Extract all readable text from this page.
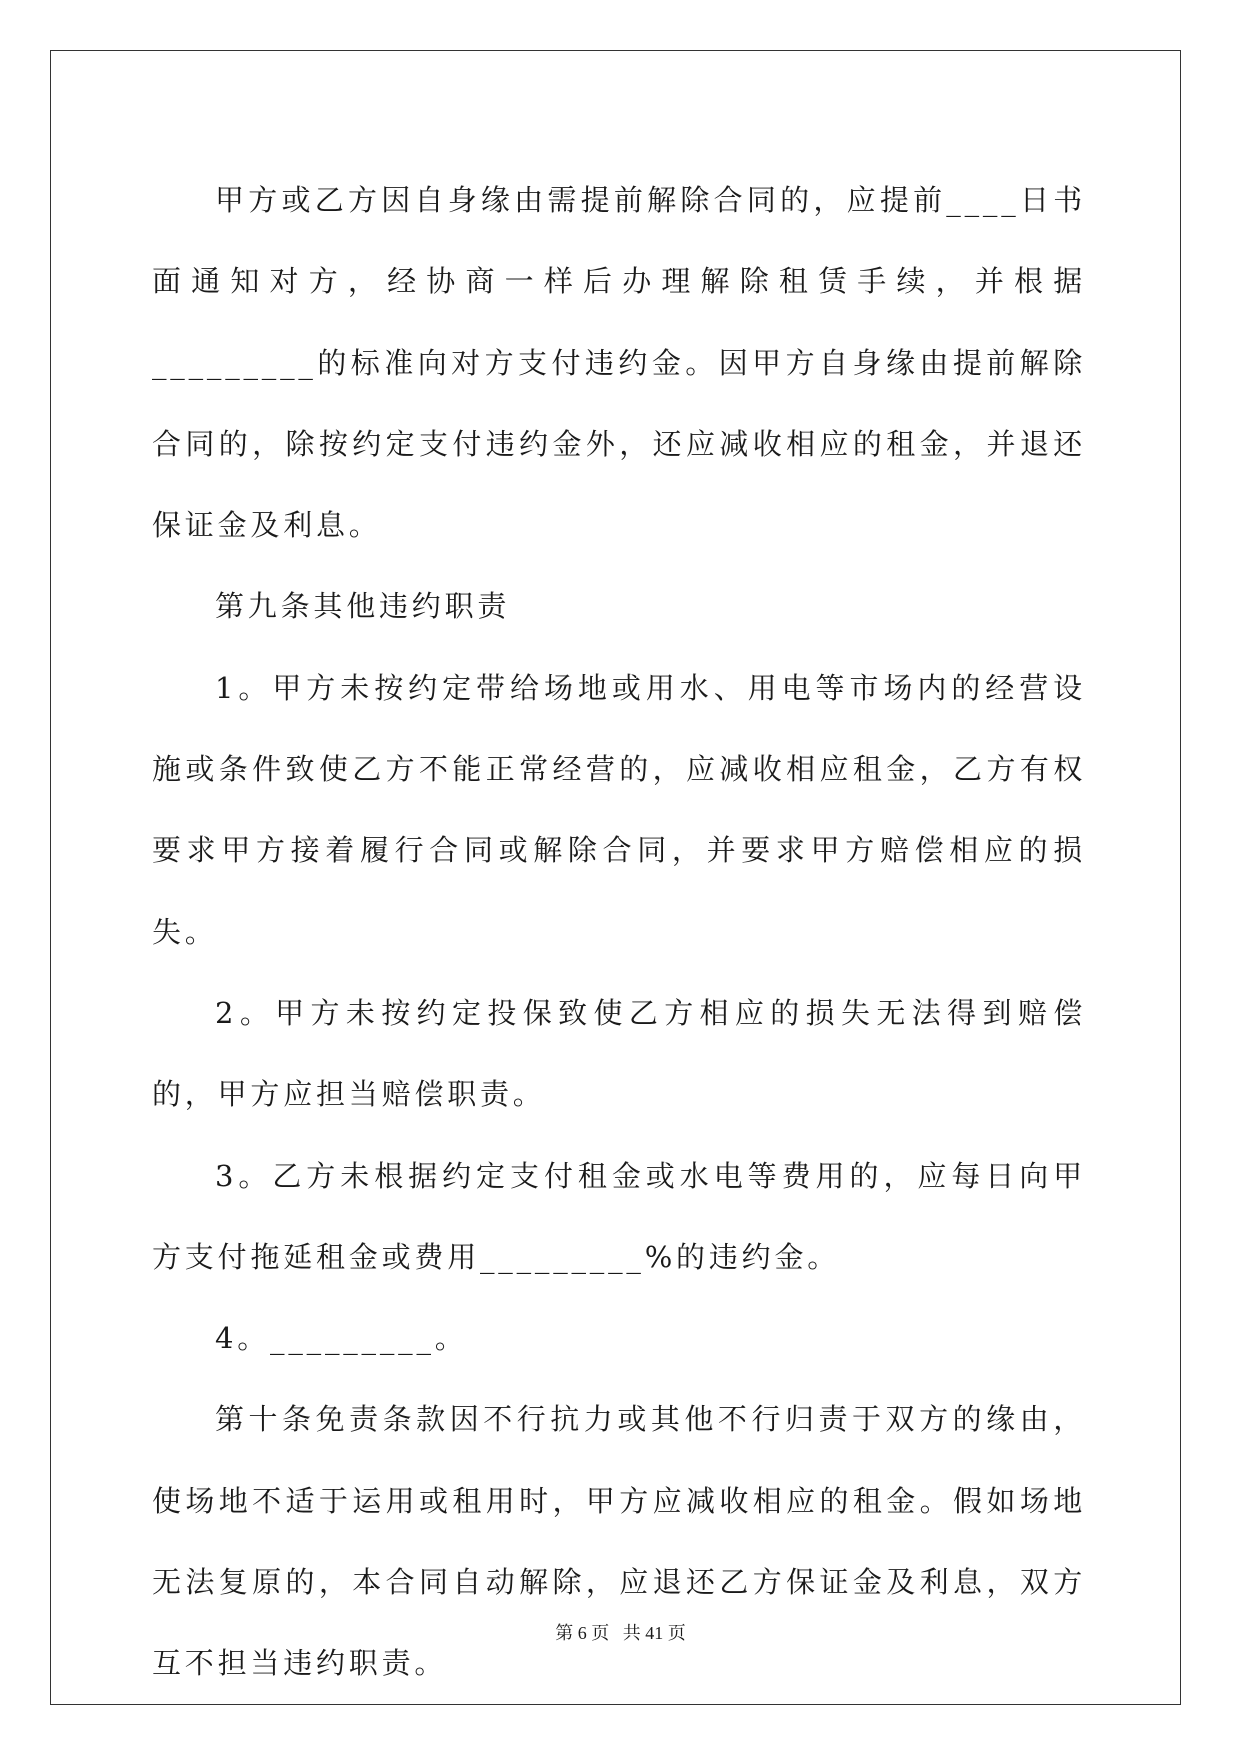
甲方或乙方因自身缘由需提前解除合同的，应提前____日书面通知对方，经协商一样后办理解除租赁手续，并根据_________的标准向对方支付违约金。因甲方自身缘由提前解除合同的，除按约定支付违约金外，还应减收相应的租金，并退还保证金及利息。

第九条其他违约职责

1。甲方未按约定带给场地或用水、用电等市场内的经营设施或条件致使乙方不能正常经营的，应减收相应租金，乙方有权要求甲方接着履行合同或解除合同，并要求甲方赔偿相应的损失。

2。甲方未按约定投保致使乙方相应的损失无法得到赔偿的，甲方应担当赔偿职责。

3。乙方未根据约定支付租金或水电等费用的，应每日向甲方支付拖延租金或费用_________%的违约金。

4。_________。

第十条免责条款因不行抗力或其他不行归责于双方的缘由，使场地不适于运用或租用时，甲方应减收相应的租金。假如场地无法复原的，本合同自动解除，应退还乙方保证金及利息，双方互不担当违约职责。

第 6 页   共 41 页
